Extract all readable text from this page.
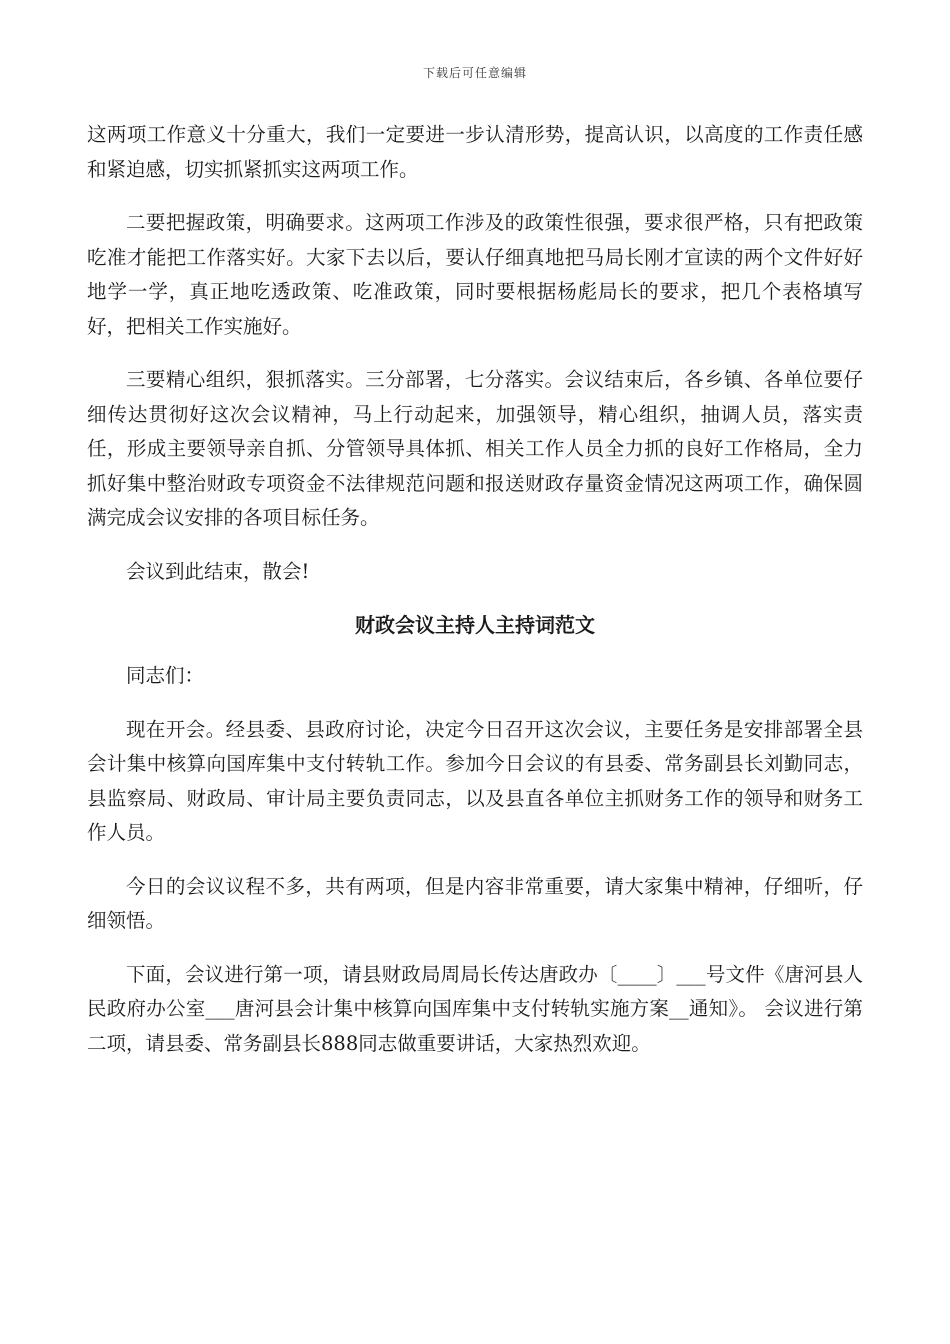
下载后可任意编辑

这两项工作意义十分重大，我们一定要进一步认清形势，提高认识，以高度的工作责任感和紧迫感，切实抓紧抓实这两项工作。

二要把握政策，明确要求。这两项工作涉及的政策性很强，要求很严格，只有把政策吃准才能把工作落实好。大家下去以后，要认仔细真地把马局长刚才宣读的两个文件好好地学一学，真正地吃透政策、吃准政策，同时要根据杨彪局长的要求，把几个表格填写好，把相关工作实施好。

三要精心组织，狠抓落实。三分部署，七分落实。会议结束后，各乡镇、各单位要仔细传达贯彻好这次会议精神，马上行动起来，加强领导，精心组织，抽调人员，落实责任，形成主要领导亲自抓、分管领导具体抓、相关工作人员全力抓的良好工作格局，全力抓好集中整治财政专项资金不法律规范问题和报送财政存量资金情况这两项工作，确保圆满完成会议安排的各项目标任务。

会议到此结束，散会!

财政会议主持人主持词范文

同志们：

现在开会。经县委、县政府讨论，决定今日召开这次会议，主要任务是安排部署全县会计集中核算向国库集中支付转轨工作。参加今日会议的有县委、常务副县长刘勤同志，县监察局、财政局、审计局主要负责同志，以及县直各单位主抓财务工作的领导和财务工作人员。

今日的会议议程不多，共有两项，但是内容非常重要，请大家集中精神，仔细听，仔细领悟。

下面，会议进行第一项，请县财政局周局长传达唐政办〔____〕___号文件《唐河县人民政府办公室___唐河县会计集中核算向国库集中支付转轨实施方案__通知》。 会议进行第二项，请县委、常务副县长888同志做重要讲话，大家热烈欢迎。
